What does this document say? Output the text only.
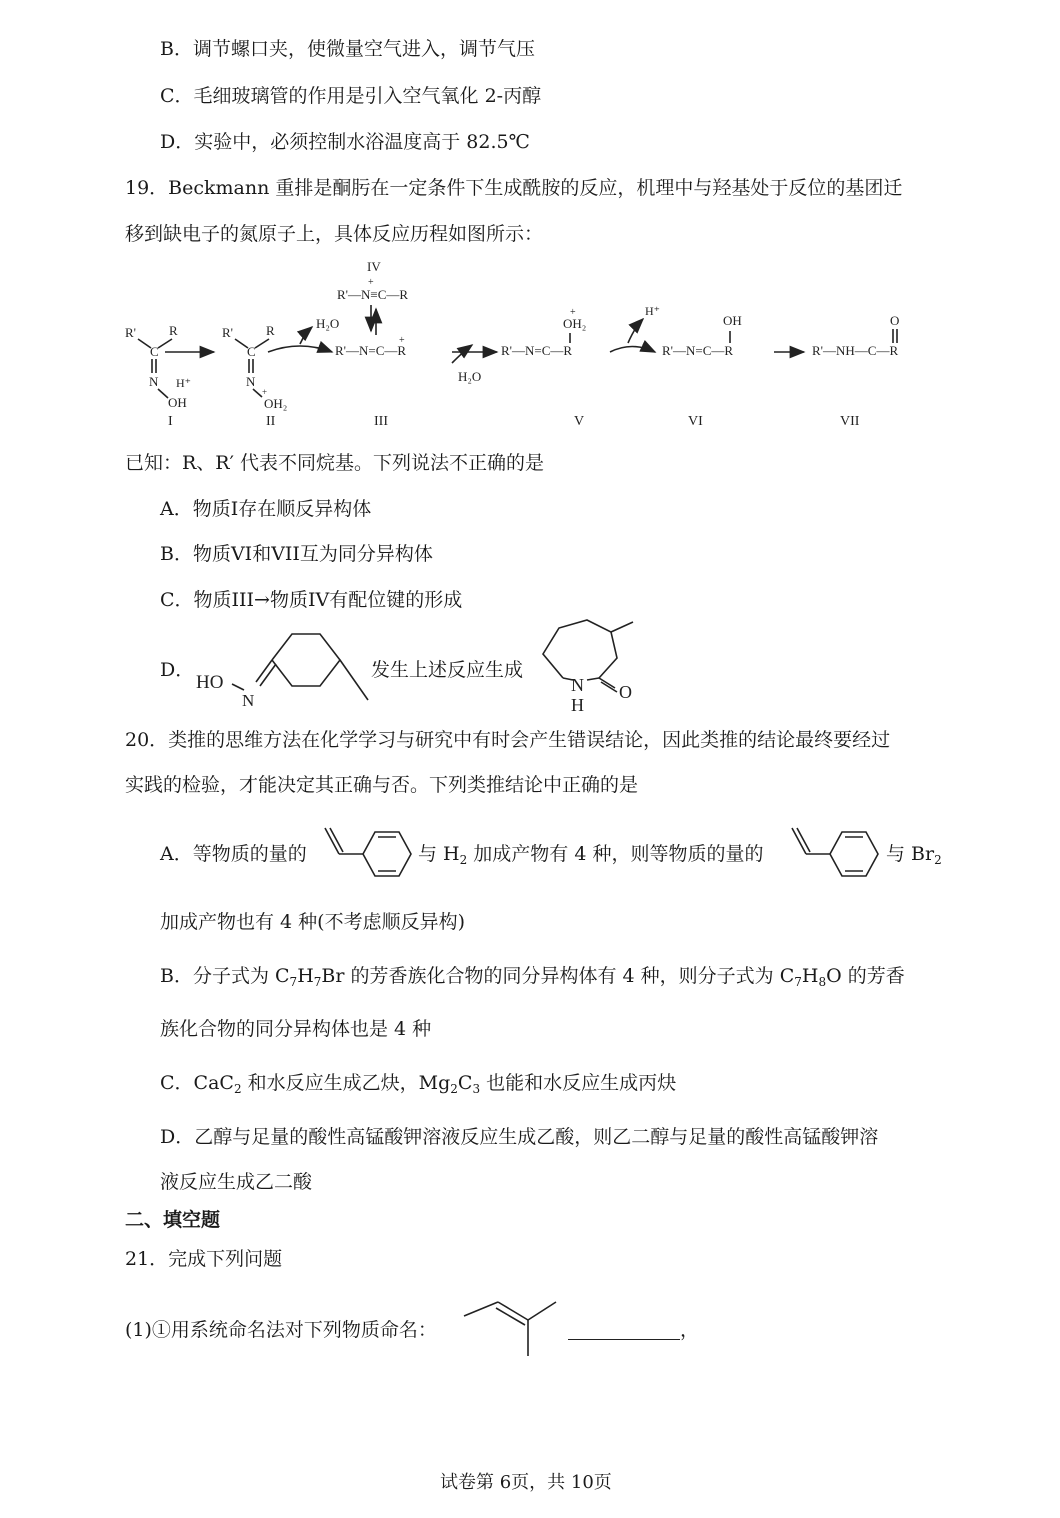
B．调节螺口夹，使微量空气进入，调节气压
C．毛细玻璃管的作用是引入空气氧化 2-丙醇
D．实验中，必须控制水浴温度高于 82.5℃
19．Beckmann 重排是酮肟在一定条件下生成酰胺的反应，机理中与羟基处于反位的基团迁
移到缺电子的氮原子上，具体反应历程如图所示：
R'	R
C
N
OH
H⁺
I
R'	R
C
N
+
OH₂
II
H₂O
IV
+
R'—N≡C—R
+
R'—N=C—R
III
H₂O
+
OH₂
R'—N=C—R
V
H⁺
OH
R'—N=C—R
VI
O
R'—NH—C—R
VII
已知：R、R′ 代表不同烷基。下列说法不正确的是
A．物质I存在顺反异构体
B．物质VI和VII互为同分异构体
C．物质III→物质IV有配位键的形成
D．	发生上述反应生成
HO
N
N
H
O
20．类推的思维方法在化学学习与研究中有时会产生错误结论，因此类推的结论最终要经过
实践的检验，才能决定其正确与否。下列类推结论中正确的是
A．等物质的量的	与 $H_2$ 加成产物有 4 种，则等物质的量的	与 $Br_2$
加成产物也有 4 种(不考虑顺反异构)
B．分子式为 $C_7H_7Br$ 的芳香族化合物的同分异构体有 4 种，则分子式为 $C_7H_8O$ 的芳香
族化合物的同分异构体也是 4 种
C．CaC$_2$ 和水反应生成乙炔，$Mg_2C_3$ 也能和水反应生成丙炔
D．乙醇与足量的酸性高锰酸钾溶液反应生成乙酸，则乙二醇与足量的酸性高锰酸钾溶
液反应生成乙二酸
二、填空题
21．完成下列问题
(1)①用系统命名法对下列物质命名：	，
试卷第 6页，共 10页
